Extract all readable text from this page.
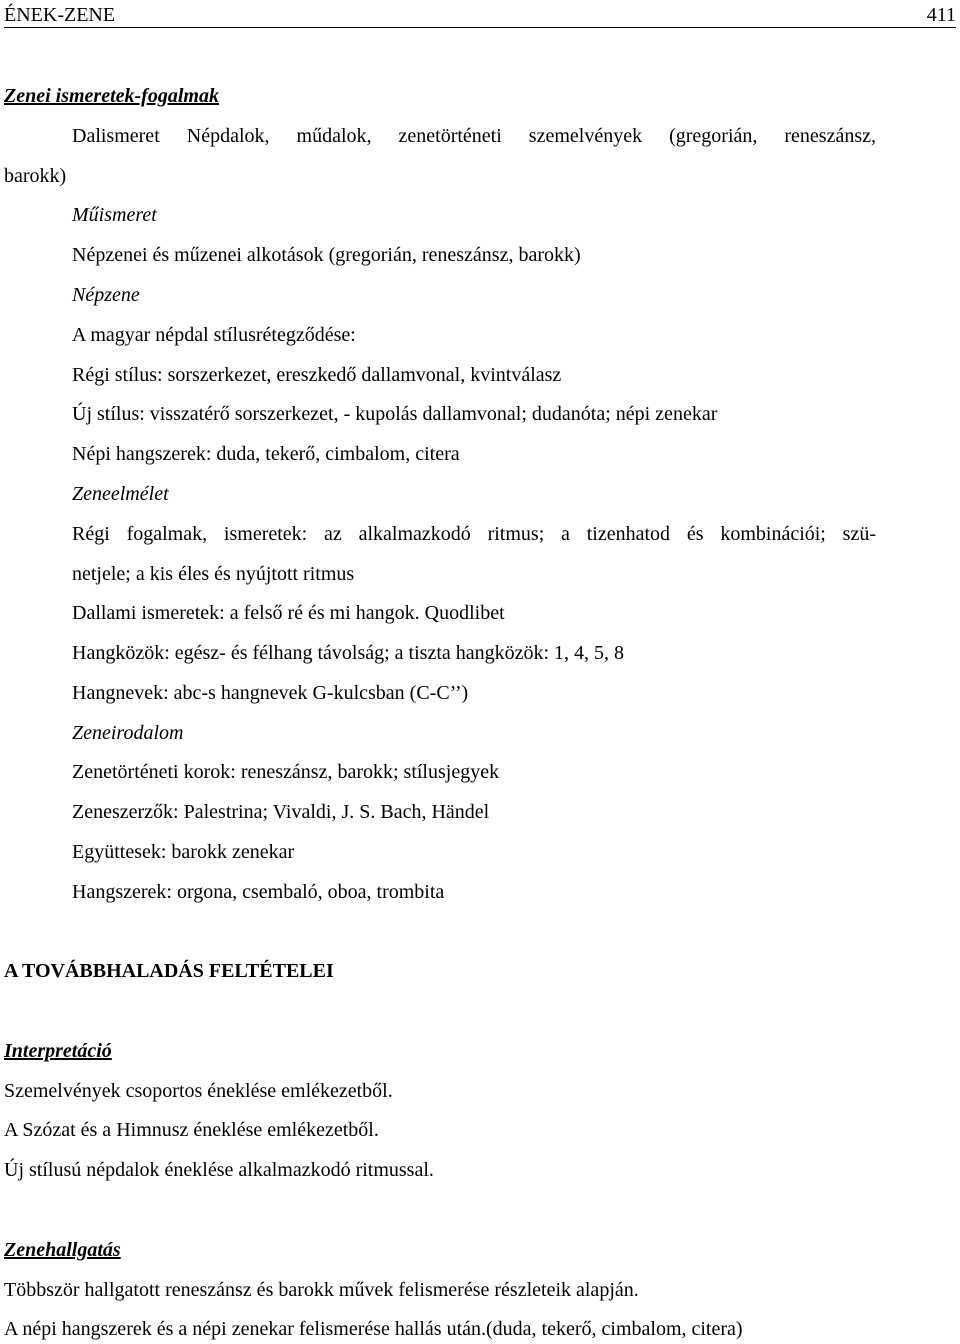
ÉNEK-ZENE	411
Zenei ismeretek-fogalmak
Dalismeret Népdalok, műdalok, zenetörténeti szemelvények (gregorián, reneszánsz,
barokk)
Műismeret
Népzenei és műzenei alkotások (gregorián, reneszánsz, barokk)
Népzene
A magyar népdal stílusrétegződése:
Régi stílus: sorszerkezet, ereszkedő dallamvonal, kvintválasz
Új stílus: visszatérő sorszerkezet, - kupolás dallamvonal; dudanóta; népi zenekar
Népi hangszerek: duda, tekerő, cimbalom, citera
Zeneelmélet
Régi fogalmak, ismeretek: az alkalmazkodó ritmus; a tizenhatod és kombinációi; szü-
netjele; a kis éles és nyújtott ritmus
Dallami ismeretek: a felső ré és mi hangok. Quodlibet
Hangközök: egész- és félhang távolság; a tiszta hangközök: 1, 4, 5, 8
Hangnevek: abc-s hangnevek G-kulcsban (C-C’’)
Zeneirodalom
Zenetörténeti korok: reneszánsz, barokk; stílusjegyek
Zeneszerzők: Palestrina; Vivaldi, J. S. Bach, Händel
Együttesek: barokk zenekar
Hangszerek: orgona, csembaló, oboa, trombita
A TOVÁBBHALADÁS FELTÉTELEI
Interpretáció
Szemelvények csoportos éneklése emlékezetből.
A Szózat és a Himnusz éneklése emlékezetből.
Új stílusú népdalok éneklése alkalmazkodó ritmussal.
Zenehallgatás
Többször hallgatott reneszánsz és barokk művek felismerése részleteik alapján.
A népi hangszerek és a népi zenekar felismerése hallás után.(duda, tekerő, cimbalom, citera)
